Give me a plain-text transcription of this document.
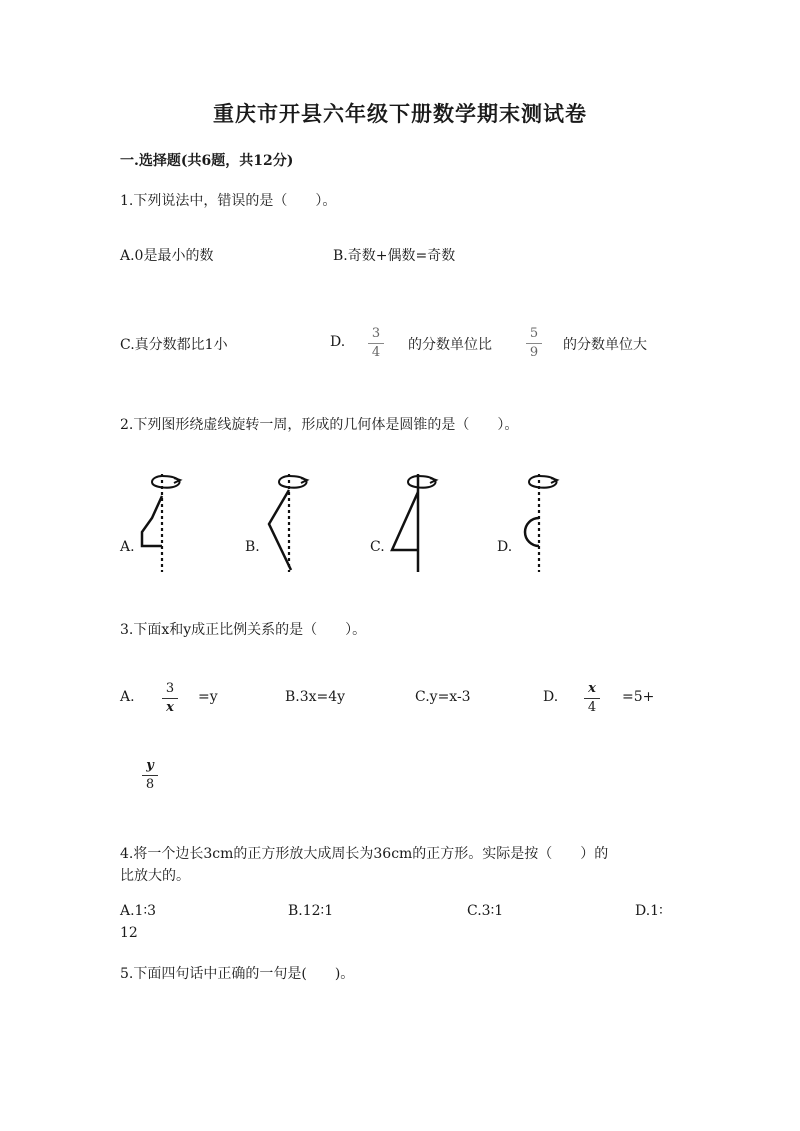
重庆市开县六年级下册数学期末测试卷
一.选择题(共6题，共12分)
1.下列说法中，错误的是（　　）。
A.0是最小的数	B.奇数+偶数=奇数
C.真分数都比1小	D.
3
4	的分数单位比
5
9	的分数单位大
2.下列图形绕虚线旋转一周，形成的几何体是圆锥的是（　　）。
A.	B.	C.	D.
3.下面x和y成正比例关系的是（　　）。
A.
3
x
=y	B.3x=4y	C.y=x-3	D.
x
4
=5+
y
8
4.将一个边长3cm的正方形放大成周长为36cm的正方形。实际是按（　　）的
比放大的。
A.1∶3	B.12∶1	C.3∶1	D.1∶
12
5.下面四句话中正确的一句是(　　)。
